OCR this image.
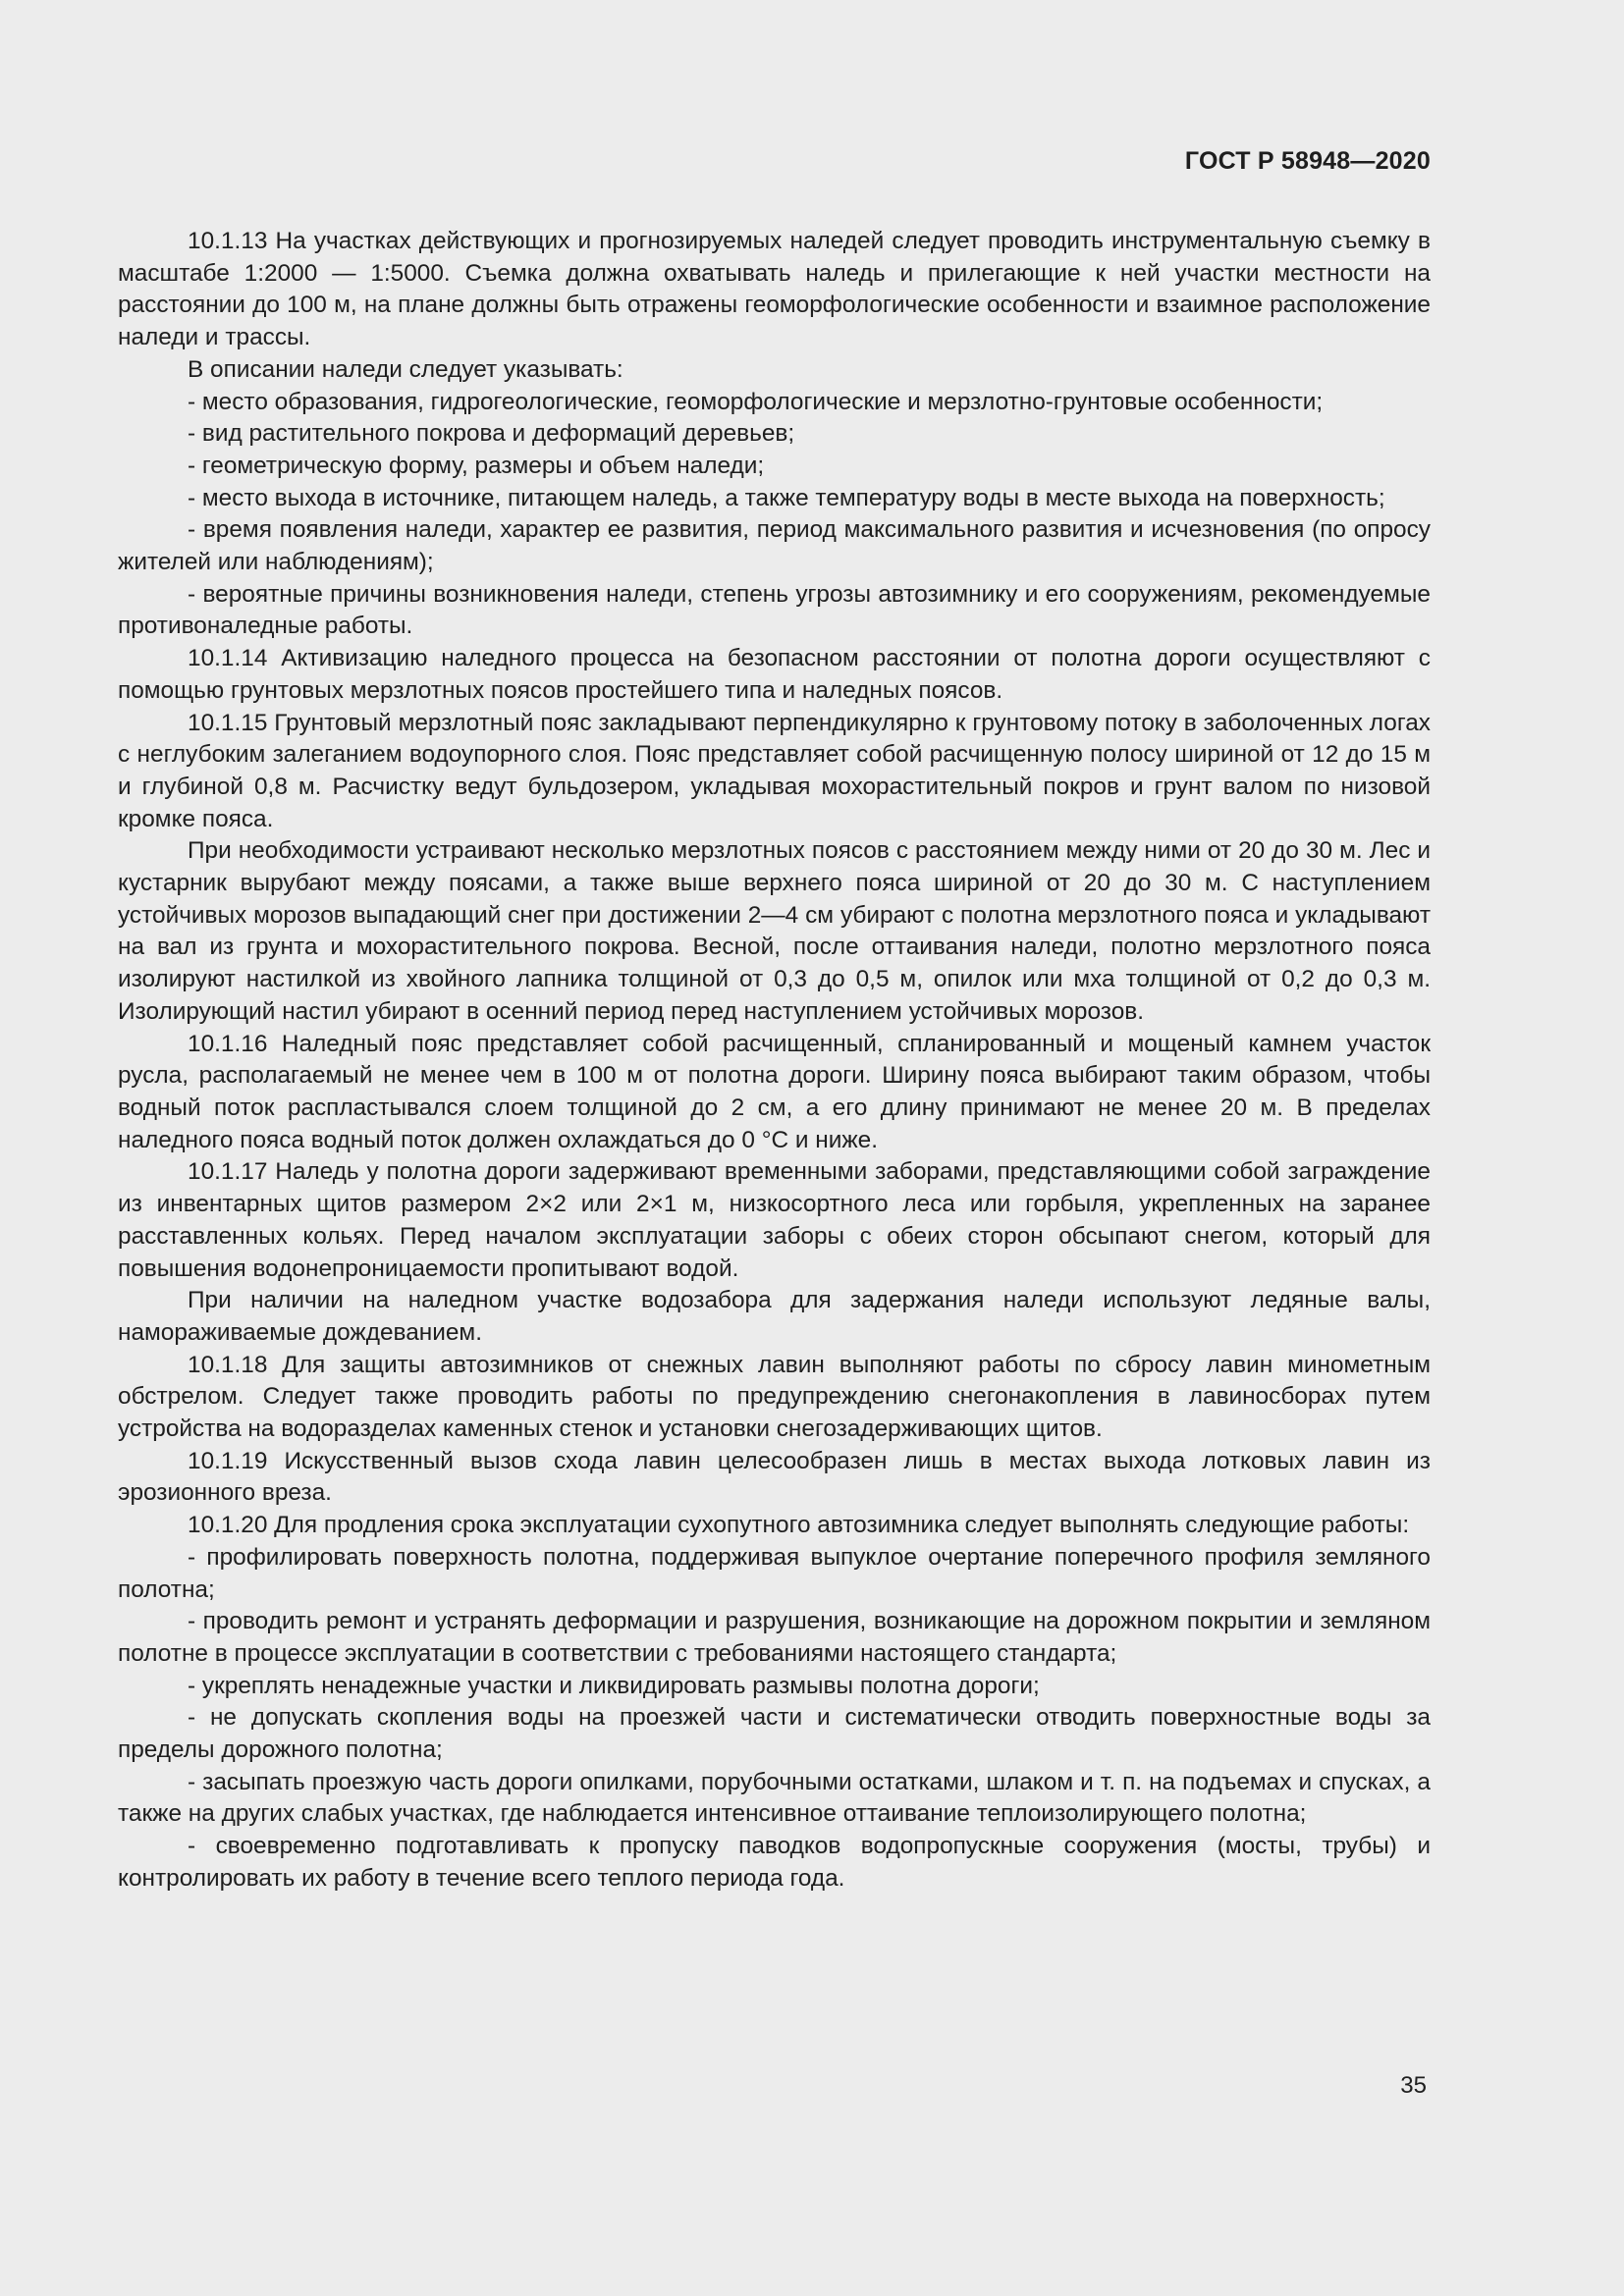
ГОСТ Р 58948—2020

10.1.13 На участках действующих и прогнозируемых наледей следует проводить инструментальную съемку в масштабе 1:2000 — 1:5000. Съемка должна охватывать наледь и прилегающие к ней участки местности на расстоянии до 100 м, на плане должны быть отражены геоморфологические особенности и взаимное расположение наледи и трассы.

В описании наледи следует указывать:

- место образования, гидрогеологические, геоморфологические и мерзлотно-грунтовые особенности;

- вид растительного покрова и деформаций деревьев;

- геометрическую форму, размеры и объем наледи;

- место выхода в источнике, питающем наледь, а также температуру воды в месте выхода на поверхность;

- время появления наледи, характер ее развития, период максимального развития и исчезновения (по опросу жителей или наблюдениям);

- вероятные причины возникновения наледи, степень угрозы автозимнику и его сооружениям, рекомендуемые противоналедные работы.

10.1.14 Активизацию наледного процесса на безопасном расстоянии от полотна дороги осуществляют с помощью грунтовых мерзлотных поясов простейшего типа и наледных поясов.

10.1.15 Грунтовый мерзлотный пояс закладывают перпендикулярно к грунтовому потоку в заболоченных логах с неглубоким залеганием водоупорного слоя. Пояс представляет собой расчищенную полосу шириной от 12 до 15 м и глубиной 0,8 м. Расчистку ведут бульдозером, укладывая мохорастительный покров и грунт валом по низовой кромке пояса.

При необходимости устраивают несколько мерзлотных поясов с расстоянием между ними от 20 до 30 м. Лес и кустарник вырубают между поясами, а также выше верхнего пояса шириной от 20 до 30 м. С наступлением устойчивых морозов выпадающий снег при достижении 2—4 см убирают с полотна мерзлотного пояса и укладывают на вал из грунта и мохорастительного покрова. Весной, после оттаивания наледи, полотно мерзлотного пояса изолируют настилкой из хвойного лапника толщиной от 0,3 до 0,5 м, опилок или мха толщиной от 0,2 до 0,3 м. Изолирующий настил убирают в осенний период перед наступлением устойчивых морозов.

10.1.16 Наледный пояс представляет собой расчищенный, спланированный и мощеный камнем участок русла, располагаемый не менее чем в 100 м от полотна дороги. Ширину пояса выбирают таким образом, чтобы водный поток распластывался слоем толщиной до 2 см, а его длину принимают не менее 20 м. В пределах наледного пояса водный поток должен охлаждаться до 0 °С и ниже.

10.1.17 Наледь у полотна дороги задерживают временными заборами, представляющими собой заграждение из инвентарных щитов размером 2×2 или 2×1 м, низкосортного леса или горбыля, укрепленных на заранее расставленных кольях. Перед началом эксплуатации заборы с обеих сторон обсыпают снегом, который для повышения водонепроницаемости пропитывают водой.

При наличии на наледном участке водозабора для задержания наледи используют ледяные валы, намораживаемые дождеванием.

10.1.18 Для защиты автозимников от снежных лавин выполняют работы по сбросу лавин минометным обстрелом. Следует также проводить работы по предупреждению снегонакопления в лавиносборах путем устройства на водоразделах каменных стенок и установки снегозадерживающих щитов.

10.1.19 Искусственный вызов схода лавин целесообразен лишь в местах выхода лотковых лавин из эрозионного вреза.

10.1.20 Для продления срока эксплуатации сухопутного автозимника следует выполнять следующие работы:

- профилировать поверхность полотна, поддерживая выпуклое очертание поперечного профиля земляного полотна;

- проводить ремонт и устранять деформации и разрушения, возникающие на дорожном покрытии и земляном полотне в процессе эксплуатации в соответствии с требованиями настоящего стандарта;

- укреплять ненадежные участки и ликвидировать размывы полотна дороги;

- не допускать скопления воды на проезжей части и систематически отводить поверхностные воды за пределы дорожного полотна;

- засыпать проезжую часть дороги опилками, порубочными остатками, шлаком и т. п. на подъемах и спусках, а также на других слабых участках, где наблюдается интенсивное оттаивание теплоизолирующего полотна;

- своевременно подготавливать к пропуску паводков водопропускные сооружения (мосты, трубы) и контролировать их работу в течение всего теплого периода года.

35
